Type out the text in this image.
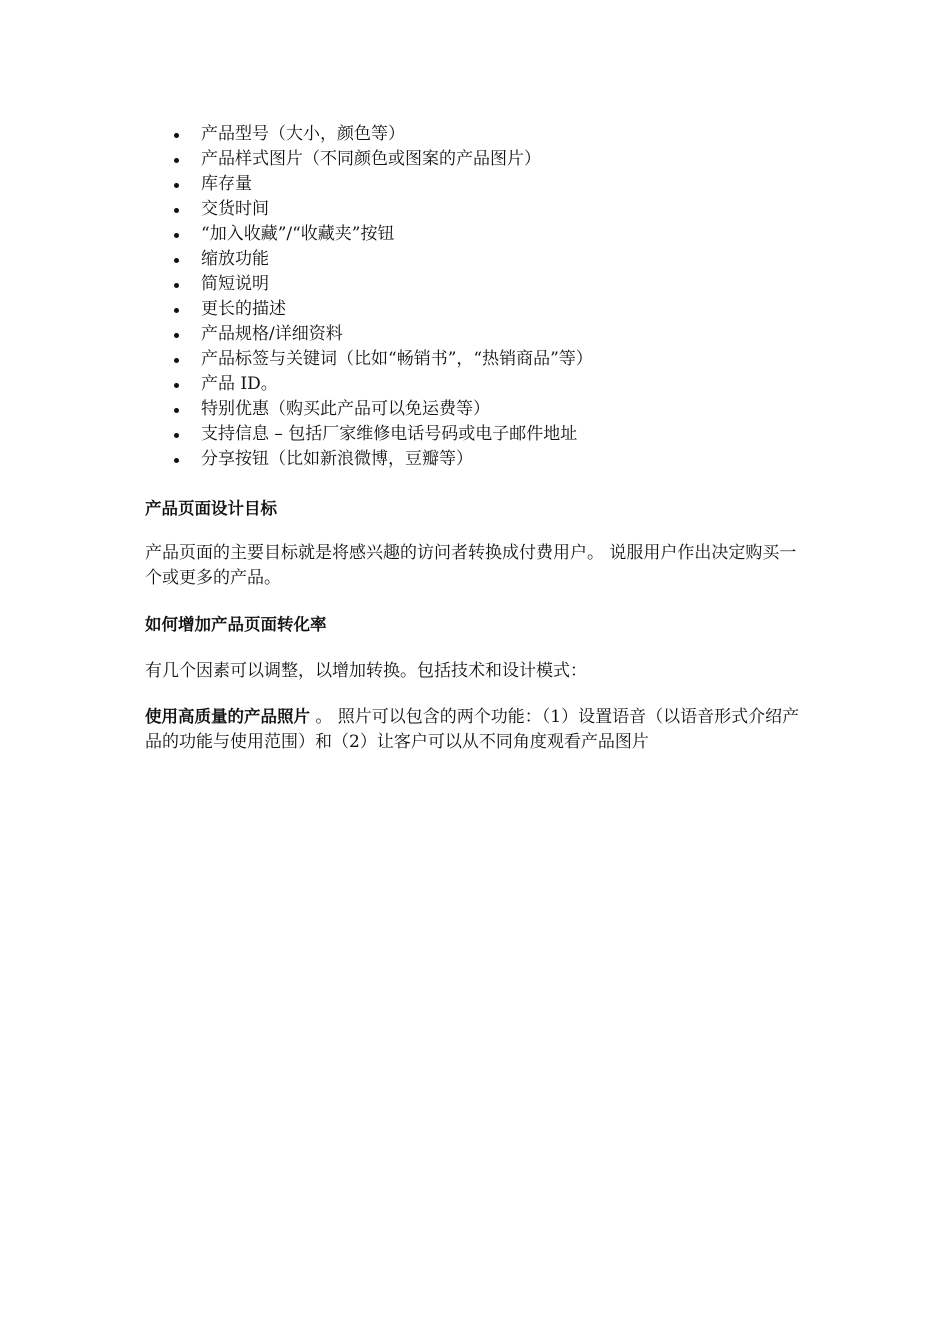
产品型号（大小，颜色等）
产品样式图片（不同颜色或图案的产品图片）
库存量
交货时间
“加入收藏”/“收藏夹”按钮
缩放功能
简短说明
更长的描述
产品规格/详细资料
产品标签与关键词（比如“畅销书”，“热销商品”等）
产品 ID。
特别优惠（购买此产品可以免运费等）
支持信息 – 包括厂家维修电话号码或电子邮件地址
分享按钮（比如新浪微博，豆瓣等）
产品页面设计目标

产品页面的主要目标就是将感兴趣的访问者转换成付费用户。 说服用户作出决定购买一个或更多的产品。

如何增加产品页面转化率

有几个因素可以调整，以增加转换。包括技术和设计模式：

使用高质量的产品照片 。 照片可以包含的两个功能：（1）设置语音（以语音形式介绍产品的功能与使用范围）和（2）让客户可以从不同角度观看产品图片
